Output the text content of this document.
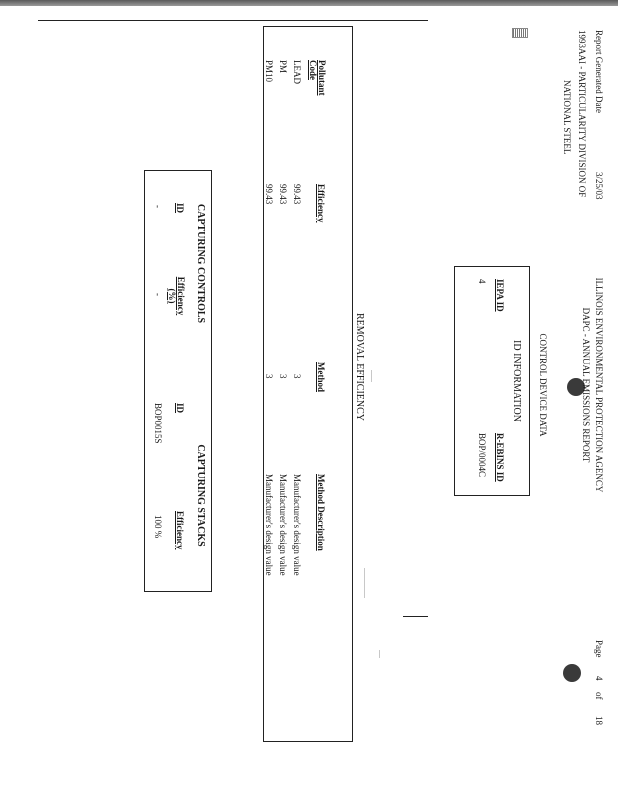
Report Generated Date
3/25/03
1993AAI - PARTICULARITY DIVISION OF
NATIONAL STEEL
ILLINOIS ENVIRONMENTAL PROTECTION AGENCY
DAPC - ANNUAL EMISSIONS REPORT
CONTROL DEVICE DATA
Page
4
of
18
ID INFORMATION
IEPA ID
R-EBINS ID
4
BOP/0004C
REMOVAL EFFICIENCY
Pollutant Code
Efficiency
Method
Method Description
LEAD
99.43
3
Manufacturer's design value
PM
99.43
3
Manufacturer's design value
PM10
99.43
3
Manufacturer's design value
CAPTURING CONTROLS
CAPTURING STACKS
ID
Efficiency (%)
ID
Efficiency
-
-
BOP0015S
100 %
